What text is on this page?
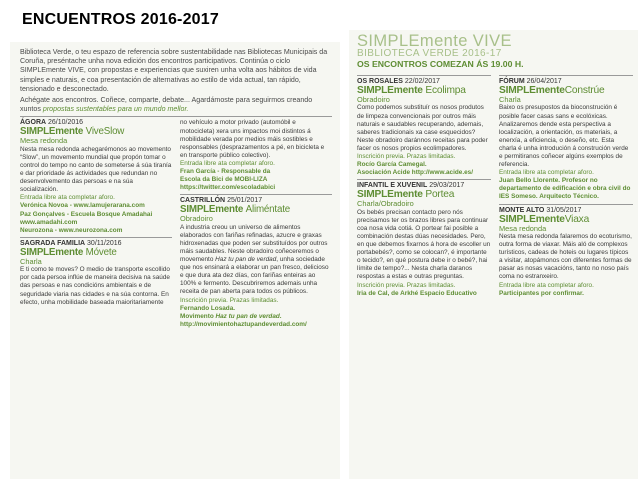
ENCUENTROS 2016-2017

Biblioteca Verde, o teu espazo de referencia sobre sustentabilidade nas Bibliotecas Municipais da Coruña, preséntache unha nova edición dos encontros participativos. Continúa o ciclo SIMPLEmente VIVE, con propostas e experiencias que suxiren unha volta aos hábitos de vida simples e naturais, e coa presentación de alternativas ao estilo de vida actual, tan rápido, tensionado e desconectado.

Achégate aos encontros. Coñece, comparte, debate... Agardámoste para seguirmos creando xuntos propostas sustentables para un mundo mellor.

ÁGORA 26/10/2016
SIMPLEmente ViveSlow
Mesa redonda
Nesta mesa redonda achegarémonos ao movemento “Slow”, un movemento mundial que propón tomar o control do tempo no canto de someterse á súa tiranía e dar prioridade ás actividades que redundan no desenvolvemento das persoas e na súa socialización.
Entrada libre ata completar aforo.
Verónica Novoa - www.lamujerarana.com
Paz Gonçalves - Escuela Bosque Amadahai
www.amadahi.com
Neurozona - www.neurozona.com
SAGRADA FAMILIA 30/11/2016
SIMPLEmente Móvete
Charla
E ti como te moves? O medio de transporte escollido por cada persoa inflúe de maneira decisiva na saúde das persoas e nas condicións ambientais e de seguridade viaria nas cidades e na súa contorna. En efecto, unha mobilidade baseada maioritariamente
no vehículo a motor privado (automóbil e motocicleta) xera uns impactos moi distintos á mobilidade verada por medios máis sostibles e responsables (desprazamentos a pé, en bicicleta e en transporte público colectivo).
Entrada libre ata completar aforo.
Fran García - Responsable da
Escola da Bici de MOBI-LIZA
https://twitter.com/escoladabici
CASTRILLÓN 25/01/2017
SIMPLEmente Aliméntate
Obradoiro
A industria creou un universo de alimentos elaborados con fariñas refinadas, azucre e graxas hidroxenadas que poden ser substituídos por outros máis saudables. Neste obradoiro coñeceremos o movemento Haz tu pan de verdad, unha sociedade que nos ensinará a elaborar un pan fresco, delicioso e que dura ata dez días, con fariñas enteiras ao 100% e fermento. Descubriremos ademais unha receita de pan aberta para todos os públicos.
Inscrición previa. Prazas limitadas.
Fernando Losada.
Movimento Haz tu pan de verdad.
http://movimientohaztupandeverdad.com/
SIMPLEmente VIVE
BIBLIOTECA VERDE 2016-17
OS ENCONTROS COMEZAN ÁS 19.00 H.
OS ROSALES 22/02/2017
SIMPLEmente Ecolimpa
Obradoiro
Como podemos substituír os nosos produtos de limpeza convencionais por outros máis naturais e saudables recuperando, ademais, saberes tradicionais xa case esquecidos? Neste obradoiro daránnos receitas para poder facer os nosos propios ecolimpadores.
Inscrición previa. Prazas limitadas.
Rocío García Camegal.
Asociación Acide http://www.acide.es/
INFANTIL E XUVENIL 29/03/2017
SIMPLEmente Portea
Charla/Obradoiro
Os bebés precisan contacto pero nós precisamos ter os brazos libres para continuar coa nosa vida cotiá. O portear fai posible a combinación destas dúas necesidades. Pero, en que debemos fixarnos á hora de escoller un portabebés?, como se colocan?, é importante o tecido?, en qué postura debe ir o bebé?, hai límite de tempo?... Nesta charla daranos respostas a estas e outras preguntas.
Inscrición previa. Prazas limitadas.
Iria de Cal, de Arkhé Espacio Educativo
FÓRUM 26/04/2017
SIMPLEmenteConstrúe
Charla
Baixo os presupostos da bioconstrución é posible facer casas sans e ecolóxicas. Analizaremos dende esta perspectiva a localización, a orientación, os materiais, a enerxía, a eficiencia, o deseño, etc. Esta charla é unha introdución á construción verde e permitiranos coñecer algúns exemplos de referencia.
Entrada libre ata completar aforo.
Juan Bello Llorente. Profesor no departamento de edificación e obra civil do IES Someso. Arquitecto Técnico.
MONTE ALTO 31/05/2017
SIMPLEmenteViaxa
Mesa redonda
Nesta mesa redonda falaremos do ecoturismo, outra forma de viaxar. Máis aló de complexos turísticos, cadeas de hoteis ou lugares típicos a visitar, atopámonos con diferentes formas de pasar as nosas vacacións, tanto no noso país coma no estranxeiro.
Entrada libre ata completar aforo.
Participantes por confirmar.
